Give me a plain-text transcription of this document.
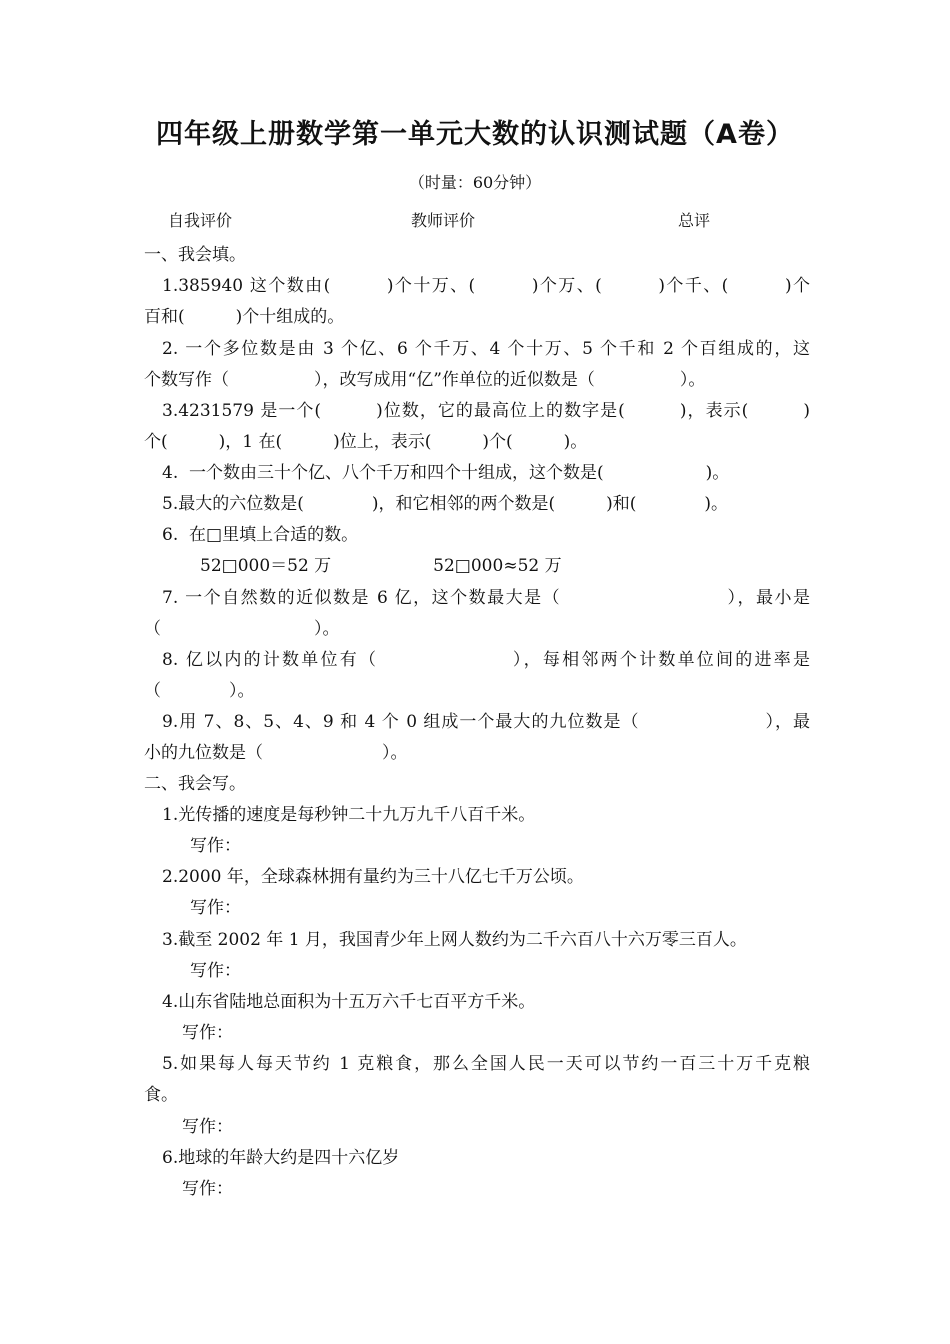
四年级上册数学第一单元大数的认识测试题（A卷）
（时量：60分钟）
自我评价	教师评价	总评
一、我会填。
1.385940 这个数由(　　　)个十万、(　　　)个万、(　　　)个千、(　　　)个
百和(　　　)个十组成的。
2. 一个多位数是由 3 个亿、6 个千万、4 个十万、5 个千和 2 个百组成的，这
个数写作（　　　　　），改写成用“亿”作单位的近似数是（　　　　　）。
3.4231579 是一个(　　　)位数，它的最高位上的数字是(　　　)，表示(　　　)
个(　　　)，1 在(　　　)位上，表示(　　　)个(　　　)。
4.  一个数由三十个亿、八个千万和四个十组成，这个数是(　　　　　　)。
5.最大的六位数是(　　　　)，和它相邻的两个数是(　　　)和(　　　　)。
6.  在□里填上合适的数。
52□000＝52 万　　　　　　52□000≈52 万
7. 一个自然数的近似数是 6 亿，这个数最大是（　　　　　　　　　），最小是
（　　　　　　　　　）。
8. 亿以内的计数单位有（　　　　　　　），每相邻两个计数单位间的进率是
（　　　　）。
9.用 7、8、5、4、9 和 4 个 0 组成一个最大的九位数是（　　　　　　　），最
小的九位数是（　　　　　　　）。
二、我会写。
1.光传播的速度是每秒钟二十九万九千八百千米。
写作：
2.2000 年，全球森林拥有量约为三十八亿七千万公顷。
写作：
3.截至 2002 年 1 月，我国青少年上网人数约为二千六百八十六万零三百人。
写作：
4.山东省陆地总面积为十五万六千七百平方千米。
写作：
5.如果每人每天节约 1 克粮食，那么全国人民一天可以节约一百三十万千克粮
食。
写作：
6.地球的年龄大约是四十六亿岁
写作：
